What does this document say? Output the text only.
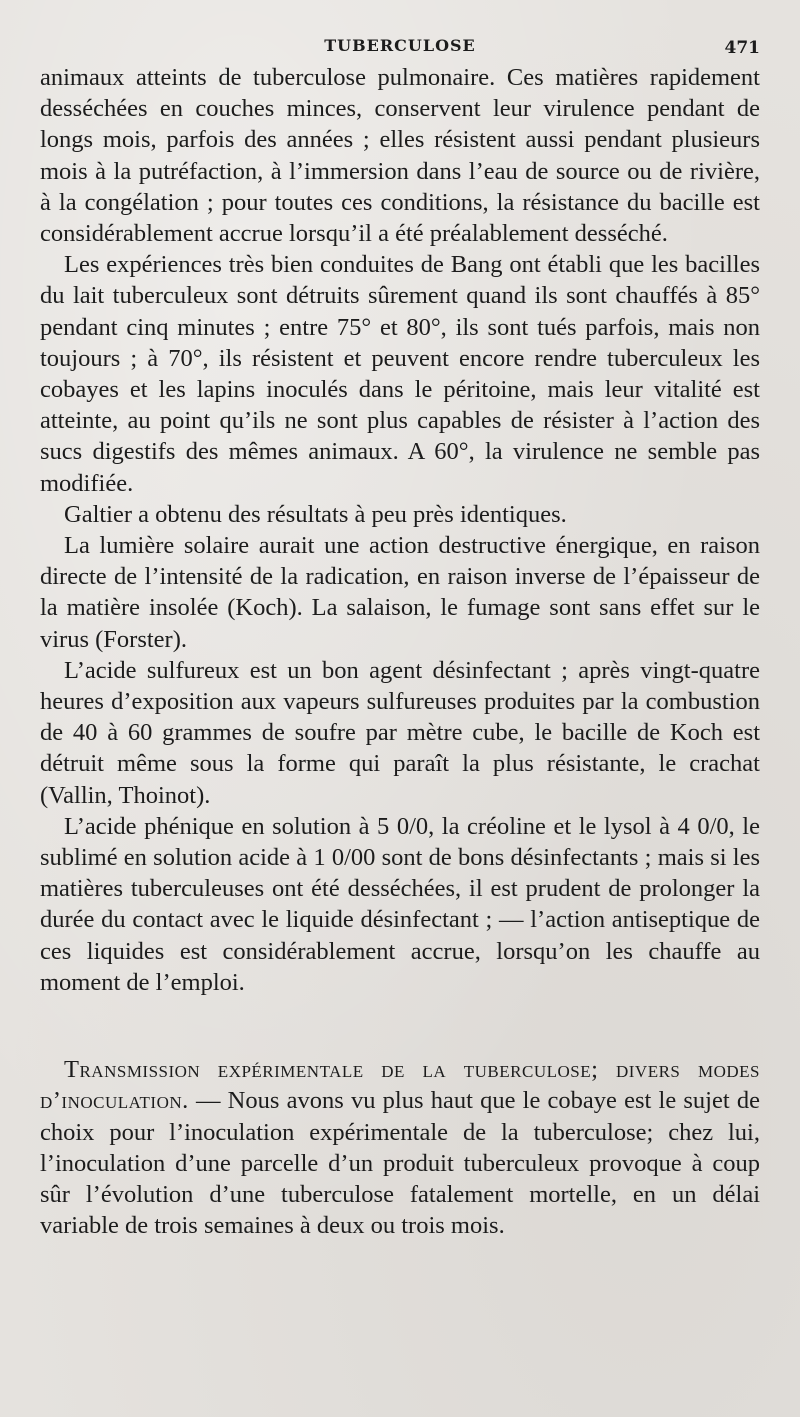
TUBERCULOSE	471

animaux atteints de tuberculose pulmonaire. Ces matières rapidement desséchées en couches minces, conservent leur virulence pendant de longs mois, parfois des années ; elles résistent aussi pendant plusieurs mois à la putréfaction, à l’immersion dans l’eau de source ou de rivière, à la congélation ; pour toutes ces conditions, la résistance du bacille est considérablement accrue lorsqu’il a été préalablement desséché.

Les expériences très bien conduites de Bang ont établi que les bacilles du lait tuberculeux sont détruits sûrement quand ils sont chauffés à 85° pendant cinq minutes ; entre 75° et 80°, ils sont tués parfois, mais non toujours ; à 70°, ils résistent et peuvent encore rendre tuberculeux les cobayes et les lapins inoculés dans le péritoine, mais leur vitalité est atteinte, au point qu’ils ne sont plus capables de résister à l’action des sucs digestifs des mêmes animaux. A 60°, la virulence ne semble pas modifiée.

Galtier a obtenu des résultats à peu près identiques.

La lumière solaire aurait une action destructive énergique, en raison directe de l’intensité de la radication, en raison inverse de l’épaisseur de la matière insolée (Koch). La salaison, le fumage sont sans effet sur le virus (Forster).

L’acide sulfureux est un bon agent désinfectant ; après vingt-quatre heures d’exposition aux vapeurs sulfureuses produites par la combustion de 40 à 60 grammes de soufre par mètre cube, le bacille de Koch est détruit même sous la forme qui paraît la plus résistante, le crachat (Vallin, Thoinot).

L’acide phénique en solution à 5 0/0, la créoline et le lysol à 4 0/0, le sublimé en solution acide à 1 0/00 sont de bons désinfectants ; mais si les matières tuberculeuses ont été desséchées, il est prudent de prolonger la durée du contact avec le liquide désinfectant ; — l’action antiseptique de ces liquides est considérablement accrue, lorsqu’on les chauffe au moment de l’emploi.

Transmission expérimentale de la tuberculose; divers modes d’inoculation. — Nous avons vu plus haut que le cobaye est le sujet de choix pour l’inoculation expérimentale de la tuberculose; chez lui, l’inoculation d’une parcelle d’un produit tuberculeux provoque à coup sûr l’évolution d’une tuberculose fatalement mortelle, en un délai variable de trois semaines à deux ou trois mois.
